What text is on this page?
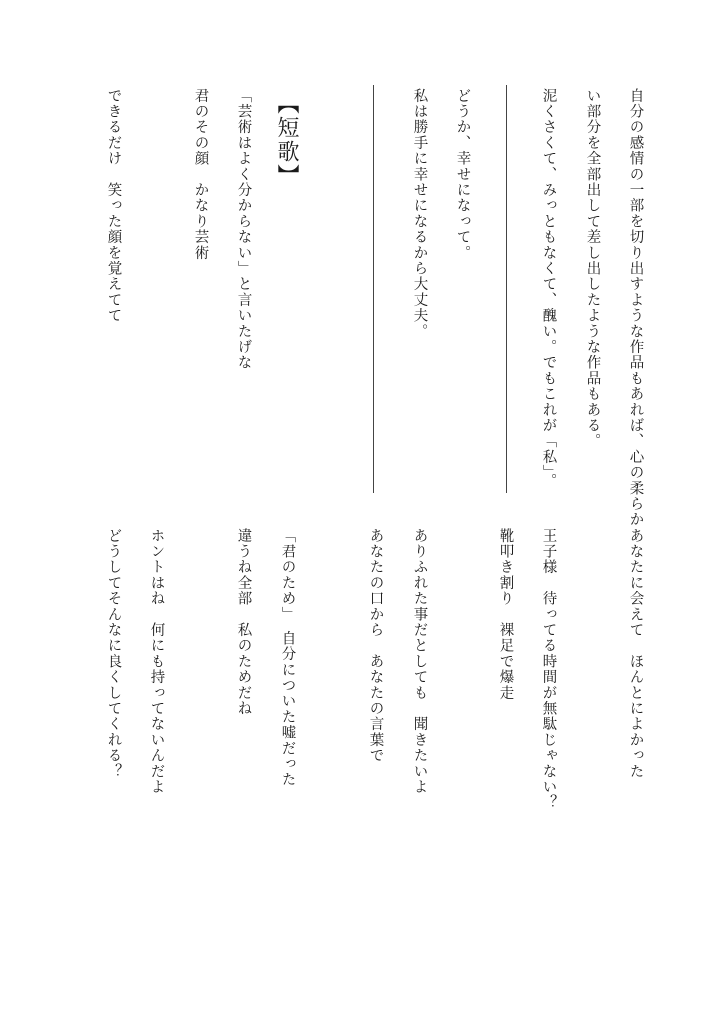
自分の感情の一部を切り出すような作品もあれば、心の柔らか
い部分を全部出して差し出したような作品もある。
泥くさくて、みっともなくて、醜い。でもこれが「私」。
どうか、幸せになって。
私は勝手に幸せになるから大丈夫。
【短歌】
「芸術はよく分からない」と言いたげな
君のその顔　かなり芸術
できるだけ　笑った顔を覚えてて
あなたに会えて　ほんとによかった
王子様　待ってる時間が無駄じゃない？
靴叩き割り　裸足で爆走
ありふれた事だとしても　聞きたいよ
あなたの口から　あなたの言葉で
「君のため」　自分についた嘘だった
違うね全部　私のためだね
ホントはね　何にも持ってないんだよ
どうしてそんなに良くしてくれる？
